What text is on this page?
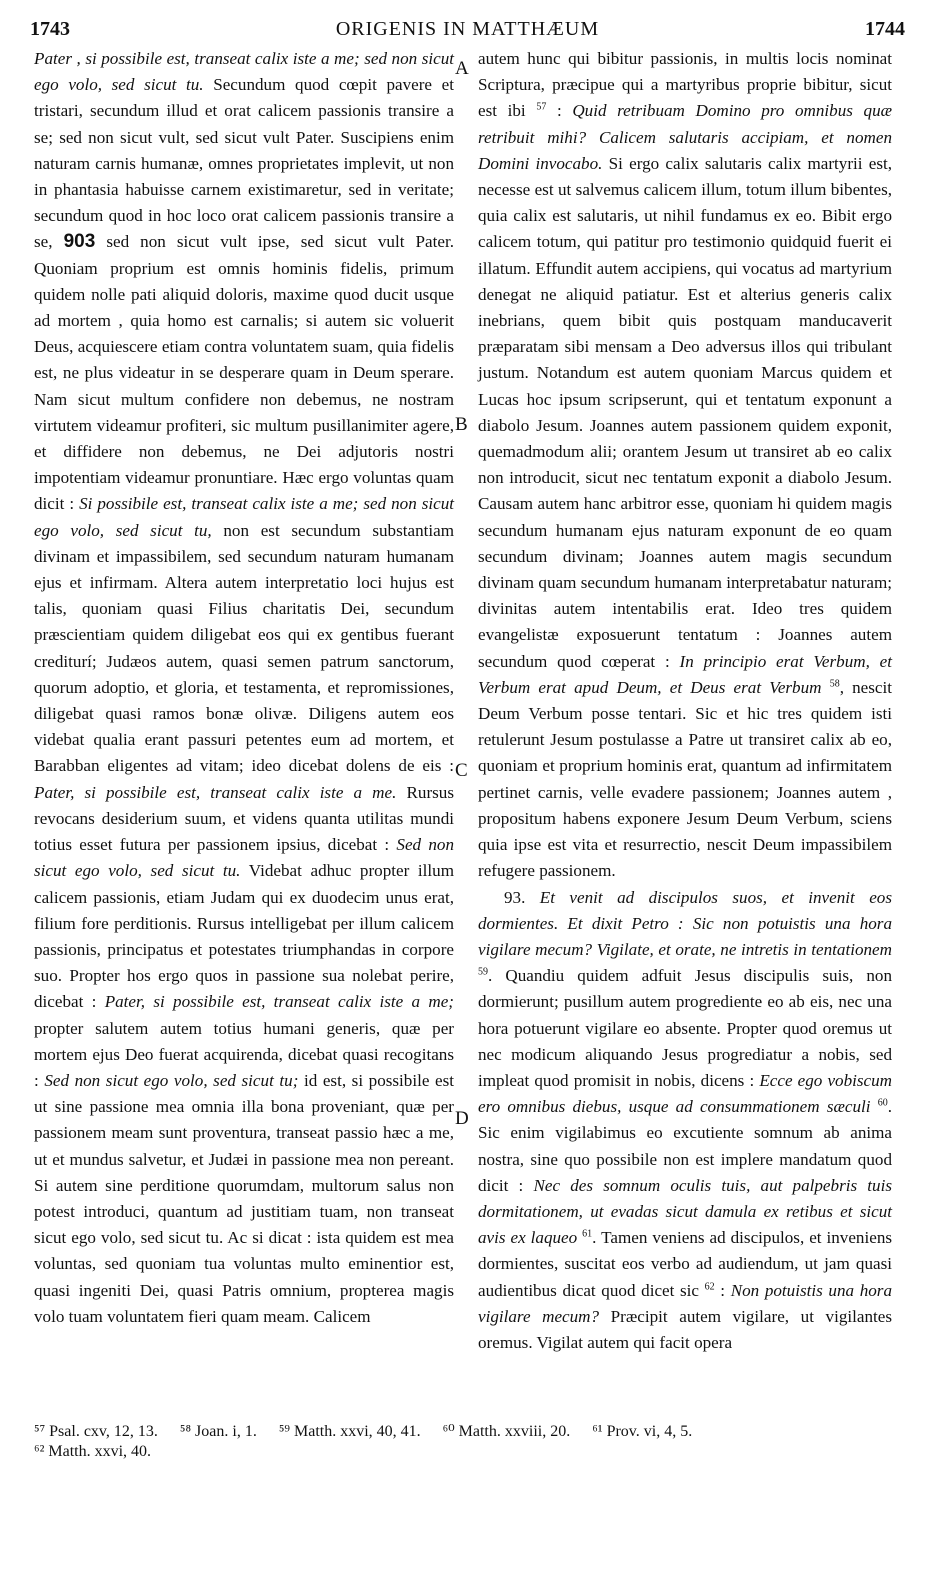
1743	ORIGENIS IN MATTHÆUM	1744
A
B
C
D

Pater , si possibile est, transeat calix iste a me; sed non sicut ego volo, sed sicut tu. Secundum quod cœpit pavere et tristari, secundum illud et orat calicem passionis transire a se; sed non sicut vult, sed sicut vult Pater. Suscipiens enim naturam carnis humanæ, omnes proprietates implevit, ut non in phantasia habuisse carnem existimaretur, sed in veritate; secundum quod in hoc loco orat calicem passionis transire a se, 903 sed non sicut vult ipse, sed sicut vult Pater. Quoniam proprium est omnis hominis fidelis, primum quidem nolle pati aliquid doloris, maxime quod ducit usque ad mortem , quia homo est carnalis; si autem sic voluerit Deus, acquiescere etiam contra voluntatem suam, quia fidelis est, ne plus videatur in se desperare quam in Deum sperare. Nam sicut multum confidere non debemus, ne nostram virtutem videamur profiteri, sic multum pusillanimiter agere, et diffidere non debemus, ne Dei adjutoris nostri impotentiam videamur pronuntiare. Hæc ergo voluntas quam dicit : Si possibile est, transeat calix iste a me; sed non sicut ego volo, sed sicut tu, non est secundum substantiam divinam et impassibilem, sed secundum naturam humanam ejus et infirmam. Altera autem interpretatio loci hujus est talis, quoniam quasi Filius charitatis Dei, secundum præscientiam quidem diligebat eos qui ex gentibus fuerant crediturí; Judæos autem, quasi semen patrum sanctorum, quorum adoptio, et gloria, et testamenta, et repromissiones, diligebat quasi ramos bonæ olivæ. Diligens autem eos videbat qualia erant passuri petentes eum ad mortem, et Barabban eligentes ad vitam; ideo dicebat dolens de eis : Pater, si possibile est, transeat calix iste a me. Rursus revocans desiderium suum, et videns quanta utilitas mundi totius esset futura per passionem ipsius, dicebat : Sed non sicut ego volo, sed sicut tu. Videbat adhuc propter illum calicem passionis, etiam Judam qui ex duodecim unus erat, filium fore perditionis. Rursus intelligebat per illum calicem passionis, principatus et potestates triumphandas in corpore suo. Propter hos ergo quos in passione sua nolebat perire, dicebat : Pater, si possibile est, transeat calix iste a me; propter salutem autem totius humani generis, quæ per mortem ejus Deo fuerat acquirenda, dicebat quasi recogitans : Sed non sicut ego volo, sed sicut tu; id est, si possibile est ut sine passione mea omnia illa bona proveniant, quæ per passionem meam sunt proventura, transeat passio hæc a me, ut et mundus salvetur, et Judæi in passione mea non pereant. Si autem sine perditione quorumdam, multorum salus non potest introduci, quantum ad justitiam tuam, non transeat sicut ego volo, sed sicut tu. Ac si dicat : ista quidem est mea voluntas, sed quoniam tua voluntas multo eminentior est, quasi ingeniti Dei, quasi Patris omnium, propterea magis volo tuam voluntatem fieri quam meam. Calicem

autem hunc qui bibitur passionis, in multis locis nominat Scriptura, præcipue qui a martyribus proprie bibitur, sicut est ibi $^{57}$ : Quid retribuam Domino pro omnibus quæ retribuit mihi? Calicem salutaris accipiam, et nomen Domini invocabo. Si ergo calix salutaris calix martyrii est, necesse est ut salvemus calicem illum, totum illum bibentes, quia calix est salutaris, ut nihil fundamus ex eo. Bibit ergo calicem totum, qui patitur pro testimonio quidquid fuerit ei illatum. Effundit autem accipiens, qui vocatus ad martyrium denegat ne aliquid patiatur. Est et alterius generis calix inebrians, quem bibit quis postquam manducaverit præparatam sibi mensam a Deo adversus illos qui tribulant justum. Notandum est autem quoniam Marcus quidem et Lucas hoc ipsum scripserunt, qui et tentatum exponunt a diabolo Jesum. Joannes autem passionem quidem exponit, quemadmodum alii; orantem Jesum ut transiret ab eo calix non introducit, sicut nec tentatum exponit a diabolo Jesum. Causam autem hanc arbitror esse, quoniam hi quidem magis secundum humanam ejus naturam exponunt de eo quam secundum divinam; Joannes autem magis secundum divinam quam secundum humanam interpretabatur naturam; divinitas autem intentabilis erat. Ideo tres quidem evangelistæ exposuerunt tentatum : Joannes autem secundum quod cœperat : In principio erat Verbum, et Verbum erat apud Deum, et Deus erat Verbum $^{58}$, nescit Deum Verbum posse tentari. Sic et hic tres quidem isti retulerunt Jesum postulasse a Patre ut transiret calix ab eo, quoniam et proprium hominis erat, quantum ad infirmitatem pertinet carnis, velle evadere passionem; Joannes autem , propositum habens exponere Jesum Deum Verbum, sciens quia ipse est vita et resurrectio, nescit Deum impassibilem refugere passionem.

93. Et venit ad discipulos suos, et invenit eos dormientes. Et dixit Petro : Sic non potuistis una hora vigilare mecum? Vigilate, et orate, ne intretis in tentationem $^{59}$. Quandiu quidem adfuit Jesus discipulis suis, non dormierunt; pusillum autem progrediente eo ab eis, nec una hora potuerunt vigilare eo absente. Propter quod oremus ut nec modicum aliquando Jesus progrediatur a nobis, sed impleat quod promisit in nobis, dicens : Ecce ego vobiscum ero omnibus diebus, usque ad consummationem sæculi $^{60}$. Sic enim vigilabimus eo excutiente somnum ab anima nostra, sine quo possibile non est implere mandatum quod dicit : Nec des somnum oculis tuis, aut palpebris tuis dormitationem, ut evadas sicut damula ex retibus et sicut avis ex laqueo $^{61}$. Tamen veniens ad discipulos, et inveniens dormientes, suscitat eos verbo ad audiendum, ut jam quasi audientibus dicat quod dicet sic $^{62}$ : Non potuistis una hora vigilare mecum? Præcipit autem vigilare, ut vigilantes oremus. Vigilat autem qui facit opera

⁵⁷ Psal. cxv, 12, 13. ⁵⁸ Joan. i, 1. ⁵⁹ Matth. xxvi, 40, 41. ⁶⁰ Matth. xxviii, 20. ⁶¹ Prov. vi, 4, 5.
⁶² Matth. xxvi, 40.
